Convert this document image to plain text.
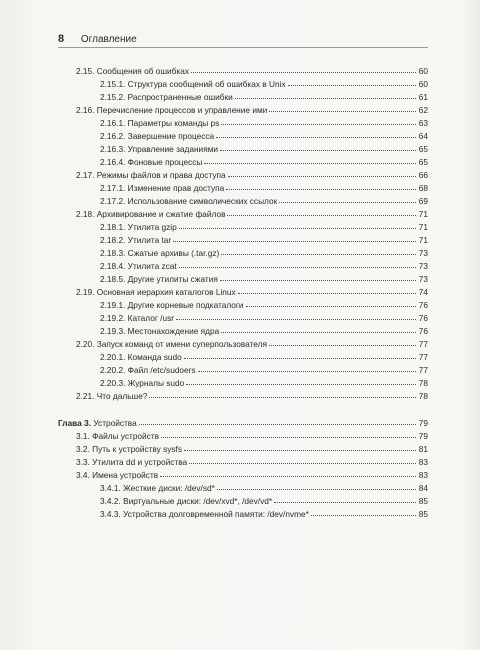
8 Оглавление
2.15. Сообщения об ошибках	60
2.15.1. Структура сообщений об ошибках в Unix	60
2.15.2. Распространенные ошибки	61
2.16. Перечисление процессов и управление ими	62
2.16.1. Параметры команды ps	63
2.16.2. Завершение процесса	64
2.16.3. Управление заданиями	65
2.16.4. Фоновые процессы	65
2.17. Режимы файлов и права доступа	66
2.17.1. Изменение прав доступа	68
2.17.2. Использование символических ссылок	69
2.18. Архивирование и сжатие файлов	71
2.18.1. Утилита gzip	71
2.18.2. Утилита tar	71
2.18.3. Сжатые архивы (.tar.gz)	73
2.18.4. Утилита zcat	73
2.18.5. Другие утилиты сжатия	73
2.19. Основная иерархия каталогов Linux	74
2.19.1. Другие корневые подкаталоги	76
2.19.2. Каталог /usr	76
2.19.3. Местонахождение ядра	76
2.20. Запуск команд от имени суперпользователя	77
2.20.1. Команда sudo	77
2.20.2. Файл /etc/sudoers	77
2.20.3. Журналы sudo	78
2.21. Что дальше?	78
Глава 3. Устройства	79
3.1. Файлы устройств	79
3.2. Путь к устройству sysfs	81
3.3. Утилита dd и устройства	83
3.4. Имена устройств	83
3.4.1. Жесткие диски: /dev/sd*	84
3.4.2. Виртуальные диски: /dev/xvd*, /dev/vd*	85
3.4.3. Устройства долговременной памяти: /dev/nvme*	85
